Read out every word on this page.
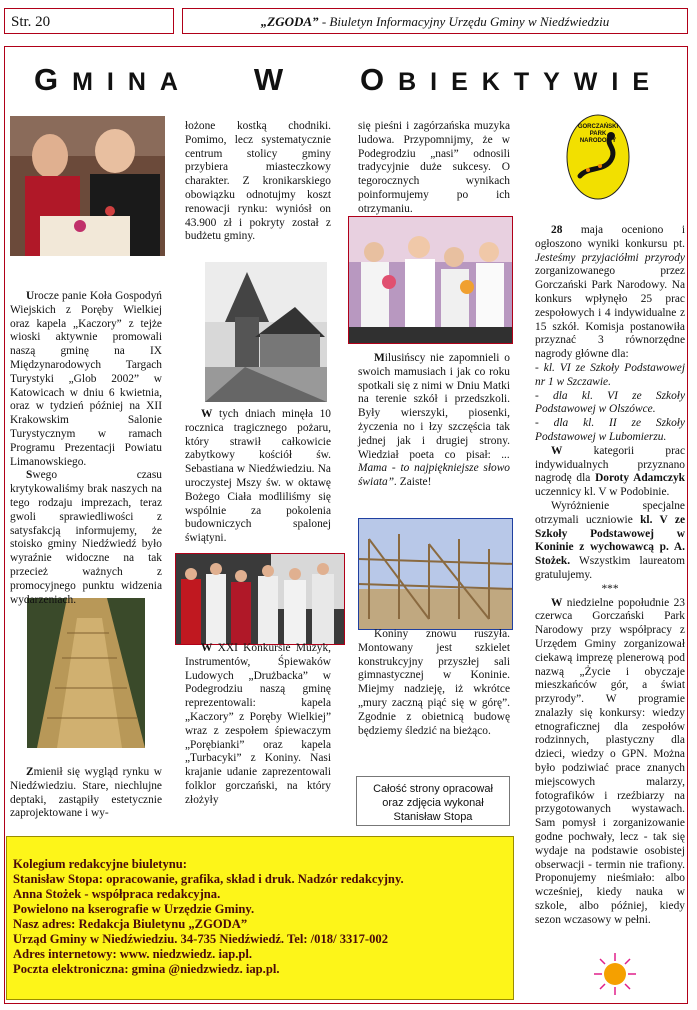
Str. 20	„ZGODA” - Biuletyn Informacyjny Urzędu Gminy w Niedźwiedziu
GMINA W OBIEKTYWIE
GORCZAŃSKI
PARK
NARODOWY

Urocze panie Koła Gospodyń Wiejskich z Poręby Wielkiej oraz kapela „Kaczory” z tejże wioski aktywnie promowali naszą gminę na IX Międzynarodowych Targach Turystyki „Glob 2002” w Katowicach w dniu 6 kwietnia, oraz w tydzień później na XII Krakowskim Salonie Turystycznym w ramach Programu Prezentacji Powiatu Limanowskiego.

Swego czasu krytykowaliśmy brak naszych na tego rodzaju imprezach, teraz gwoli sprawiedliwości z satysfakcją informujemy, że stoisko gminy Niedźwiedź było wyraźnie widoczne na tak przecież ważnych z promocyjnego punktu widzenia wydarzeniach.

Zmienił się wygląd rynku w Niedźwiedziu. Stare, niechlujne deptaki, zastąpiły estetycznie zaprojektowane i wy-

łożone kostką chodniki. Pomimo, lecz systematycznie centrum stolicy gminy przybiera miasteczkowy charakter. Z kronikarskiego obowiązku odnotujmy koszt renowacji rynku: wyniósł on 43.900 zł i pokryty został z budżetu gminy.

W tych dniach minęła 10 rocznica tragicznego pożaru, który strawił całkowicie zabytkowy kościół św. Sebastiana w Niedźwiedziu. Na uroczystej Mszy św. w oktawę Bożego Ciała modliliśmy się wspólnie za pokolenia budowniczych spalonej świątyni.

W XXI Konkursie Muzyk, Instrumentów, Śpiewaków Ludowych „Drużbacka” w Podegrodziu naszą gminę reprezentowali: kapela „Kaczory” z Poręby Wielkiej” wraz z zespołem śpiewaczym „Porębianki” oraz kapela „Turbacyki” z Koniny. Nasi krajanie udanie zaprezentowali folklor gorczański, na który złożyły

się pieśni i zagórzańska muzyka ludowa. Przypomnijmy, że w Podegrodziu „nasi” odnosili tradycyjnie duże sukcesy. O tegorocznych wynikach poinformujemy po ich otrzymaniu.

Milusińscy nie zapomnieli o swoich mamusiach i jak co roku spotkali się z nimi w Dniu Matki na terenie szkół i przedszkoli. Były wierszyki, piosenki, życzenia no i łzy szczęścia tak jednej jak i drugiej strony. Wiedział poeta co pisał: ... Mama - to najpiękniejsze słowo świata”. Zaiste!

Koniny znowu ruszyła. Montowany jest szkielet konstrukcyjny przyszłej sali gimnastycznej w Koninie. Miejmy nadzieję, iż wkrótce „mury zaczną piąć się w górę”. Zgodnie z obietnicą budowę będziemy śledzić na bieżąco.

Całość strony opracował
oraz zdjęcia wykonał
Stanisław Stopa

28 maja oceniono i ogłoszono wyniki konkursu pt. Jesteśmy przyjaciółmi przyrody zorganizowanego przez Gorczański Park Narodowy. Na konkurs wpłynęło 25 prac zespołowych i 4 indywidualne z 15 szkół. Komisja postanowiła przyznać 3 równorzędne nagrody główne dla:

- kl. VI ze Szkoły Podstawowej nr 1 w Szczawie.

- dla kl. VI ze Szkoły Podstawowej w Olszówce.

- dla kl. II ze Szkoły Podstawowej w Lubomierzu.

W kategorii prac indywidualnych przyznano nagrodę dla Doroty Adamczyk uczennicy kl. V w Podobinie.

Wyróżnienie specjalne otrzymali uczniowie kl. V ze Szkoły Podstawowej w Koninie z wychowawcą p. A. Stożek. Wszystkim laureatom gratulujemy.

***

W niedzielne popołudnie 23 czerwca Gorczański Park Narodowy przy współpracy z Urzędem Gminy zorganizował ciekawą imprezę plenerową pod nazwą „Życie i obyczaje mieszkańców gór, a świat przyrody”. W programie znalazły się konkursy: wiedzy etnograficznej dla zespołów rodzinnych, plastyczny dla dzieci, wiedzy o GPN. Można było podziwiać prace znanych miejscowych malarzy, fotografików i rzeźbiarzy na przygotowanych wystawach. Sam pomysł i zorganizowanie godne pochwały, lecz - tak się wydaje na podstawie osobistej obserwacji - termin nie trafiony. Proponujemy nieśmiało: albo wcześniej, kiedy nauka w szkole, albo później, kiedy sezon wczasowy w pełni.

Kolegium redakcyjne biuletynu:
Stanisław Stopa: opracowanie, grafika, skład i druk. Nadzór redakcyjny.
Anna Stożek - współpraca redakcyjna.
Powielono na kserografie w Urzędzie Gminy.
Nasz adres: Redakcja Biuletynu „ZGODA”
Urząd Gminy w Niedźwiedziu. 34-735 Niedźwiedź. Tel: /018/ 3317-002
Adres internetowy: www. niedzwiedz. iap.pl.
Poczta elektroniczna: gmina @niedzwiedz. iap.pl.
